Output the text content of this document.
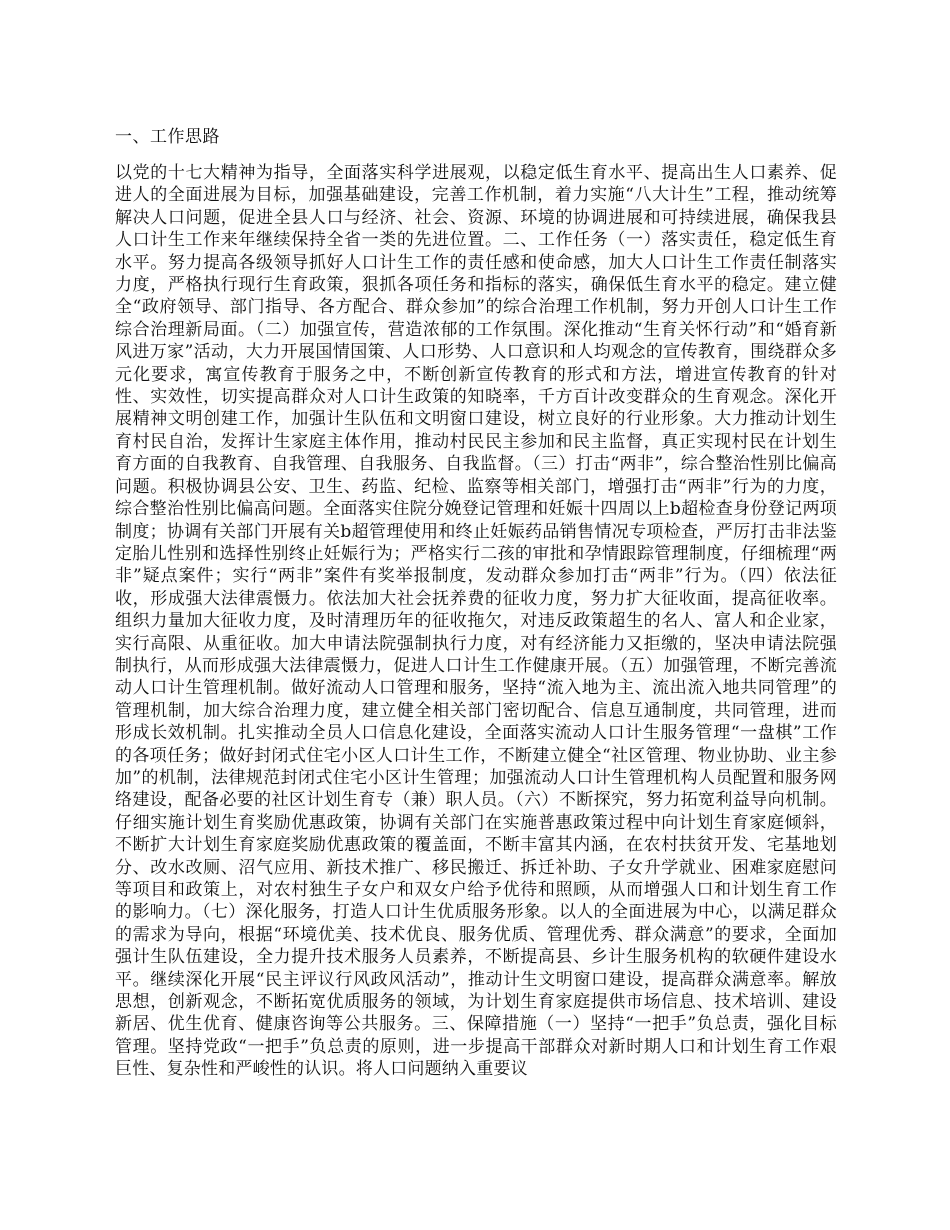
一、工作思路

以党的十七大精神为指导，全面落实科学进展观，以稳定低生育水平、提高出生人口素养、促进人的全面进展为目标，加强基础建设，完善工作机制，着力实施“八大计生”工程，推动统筹解决人口问题，促进全县人口与经济、社会、资源、环境的协调进展和可持续进展，确保我县人口计生工作来年继续保持全省一类的先进位置。二、工作任务（一）落实责任，稳定低生育水平。努力提高各级领导抓好人口计生工作的责任感和使命感，加大人口计生工作责任制落实力度，严格执行现行生育政策，狠抓各项任务和指标的落实，确保低生育水平的稳定。建立健全“政府领导、部门指导、各方配合、群众参加”的综合治理工作机制，努力开创人口计生工作综合治理新局面。（二）加强宣传，营造浓郁的工作氛围。深化推动“生育关怀行动”和“婚育新风进万家”活动，大力开展国情国策、人口形势、人口意识和人均观念的宣传教育，围绕群众多元化要求，寓宣传教育于服务之中，不断创新宣传教育的形式和方法，增进宣传教育的针对性、实效性，切实提高群众对人口计生政策的知晓率，千方百计改变群众的生育观念。深化开展精神文明创建工作，加强计生队伍和文明窗口建设，树立良好的行业形象。大力推动计划生育村民自治，发挥计生家庭主体作用，推动村民民主参加和民主监督，真正实现村民在计划生育方面的自我教育、自我管理、自我服务、自我监督。（三）打击“两非”，综合整治性别比偏高问题。积极协调县公安、卫生、药监、纪检、监察等相关部门，增强打击“两非”行为的力度，综合整治性别比偏高问题。全面落实住院分娩登记管理和妊娠十四周以上b超检查身份登记两项制度；协调有关部门开展有关b超管理使用和终止妊娠药品销售情况专项检查，严厉打击非法鉴定胎儿性别和选择性别终止妊娠行为；严格实行二孩的审批和孕情跟踪管理制度，仔细梳理“两非”疑点案件；实行“两非”案件有奖举报制度，发动群众参加打击“两非”行为。（四）依法征收，形成强大法律震慑力。依法加大社会抚养费的征收力度，努力扩大征收面，提高征收率。组织力量加大征收力度，及时清理历年的征收拖欠，对违反政策超生的名人、富人和企业家，实行高限、从重征收。加大申请法院强制执行力度，对有经济能力又拒缴的，坚决申请法院强制执行，从而形成强大法律震慑力，促进人口计生工作健康开展。（五）加强管理，不断完善流动人口计生管理机制。做好流动人口管理和服务，坚持“流入地为主、流出流入地共同管理”的管理机制，加大综合治理力度，建立健全相关部门密切配合、信息互通制度，共同管理，进而形成长效机制。扎实推动全员人口信息化建设，全面落实流动人口计生服务管理“一盘棋”工作的各项任务；做好封闭式住宅小区人口计生工作，不断建立健全“社区管理、物业协助、业主参加”的机制，法律规范封闭式住宅小区计生管理；加强流动人口计生管理机构人员配置和服务网络建设，配备必要的社区计划生育专（兼）职人员。（六）不断探究，努力拓宽利益导向机制。仔细实施计划生育奖励优惠政策，协调有关部门在实施普惠政策过程中向计划生育家庭倾斜，不断扩大计划生育家庭奖励优惠政策的覆盖面，不断丰富其内涵，在农村扶贫开发、宅基地划分、改水改厕、沼气应用、新技术推广、移民搬迁、拆迁补助、子女升学就业、困难家庭慰问等项目和政策上，对农村独生子女户和双女户给予优待和照顾，从而增强人口和计划生育工作的影响力。（七）深化服务，打造人口计生优质服务形象。以人的全面进展为中心，以满足群众的需求为导向，根据“环境优美、技术优良、服务优质、管理优秀、群众满意”的要求，全面加强计生队伍建设，全力提升技术服务人员素养，不断提高县、乡计生服务机构的软硬件建设水平。继续深化开展“民主评议行风政风活动”，推动计生文明窗口建设，提高群众满意率。解放思想，创新观念，不断拓宽优质服务的领域，为计划生育家庭提供市场信息、技术培训、建设新居、优生优育、健康咨询等公共服务。三、保障措施（一）坚持“一把手”负总责，强化目标管理。坚持党政“一把手”负总责的原则，进一步提高干部群众对新时期人口和计划生育工作艰巨性、复杂性和严峻性的认识。将人口问题纳入重要议
